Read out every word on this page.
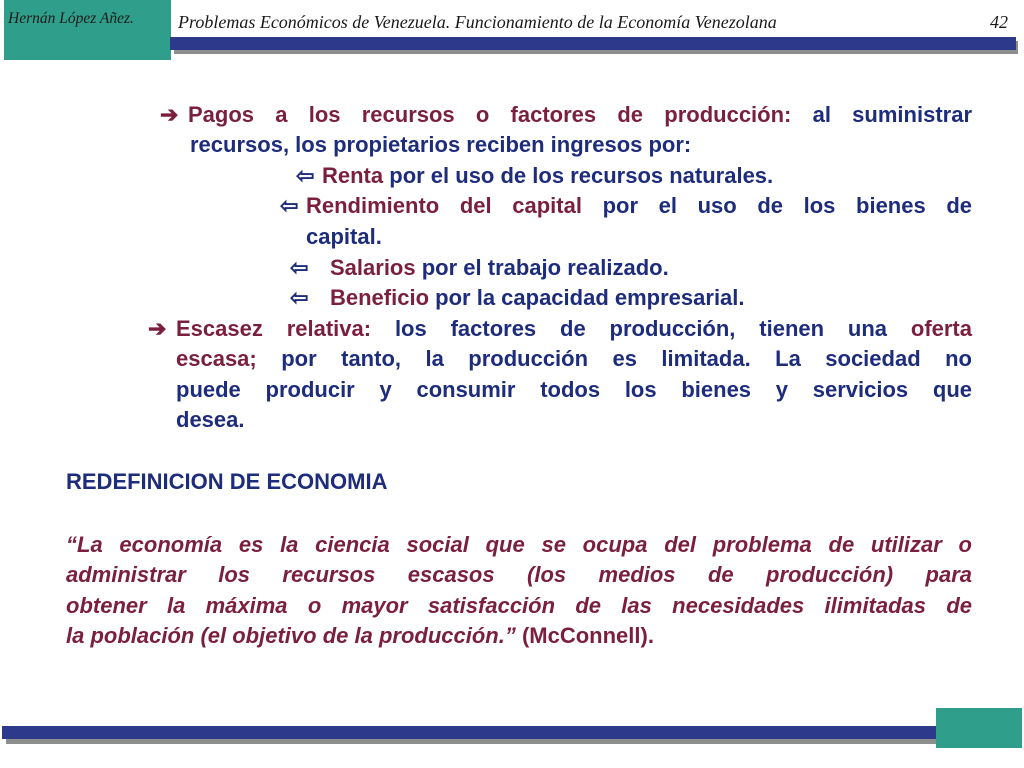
Hernán López Añez.	Problemas Económicos de Venezuela. Funcionamiento de la Economía Venezolana	42

➔ Pagos a los recursos o factores de producción: al suministrar

recursos, los propietarios reciben ingresos por:

⇦ Renta por el uso de los recursos naturales.

⇦ Rendimiento del capital por el uso de los bienes de

capital.

⇦ Salarios por el trabajo realizado.

⇦ Beneficio por la capacidad empresarial.

➔ Escasez relativa: los factores de producción, tienen una oferta

escasa; por tanto, la producción es limitada. La sociedad no

puede producir y consumir todos los bienes y servicios que

desea.

REDEFINICION DE ECONOMIA

“La economía es la ciencia social que se ocupa del problema de utilizar o

administrar los recursos escasos (los medios de producción) para

obtener la máxima o mayor satisfacción de las necesidades ilimitadas de

la población (el objetivo de la producción.” (McConnell).
